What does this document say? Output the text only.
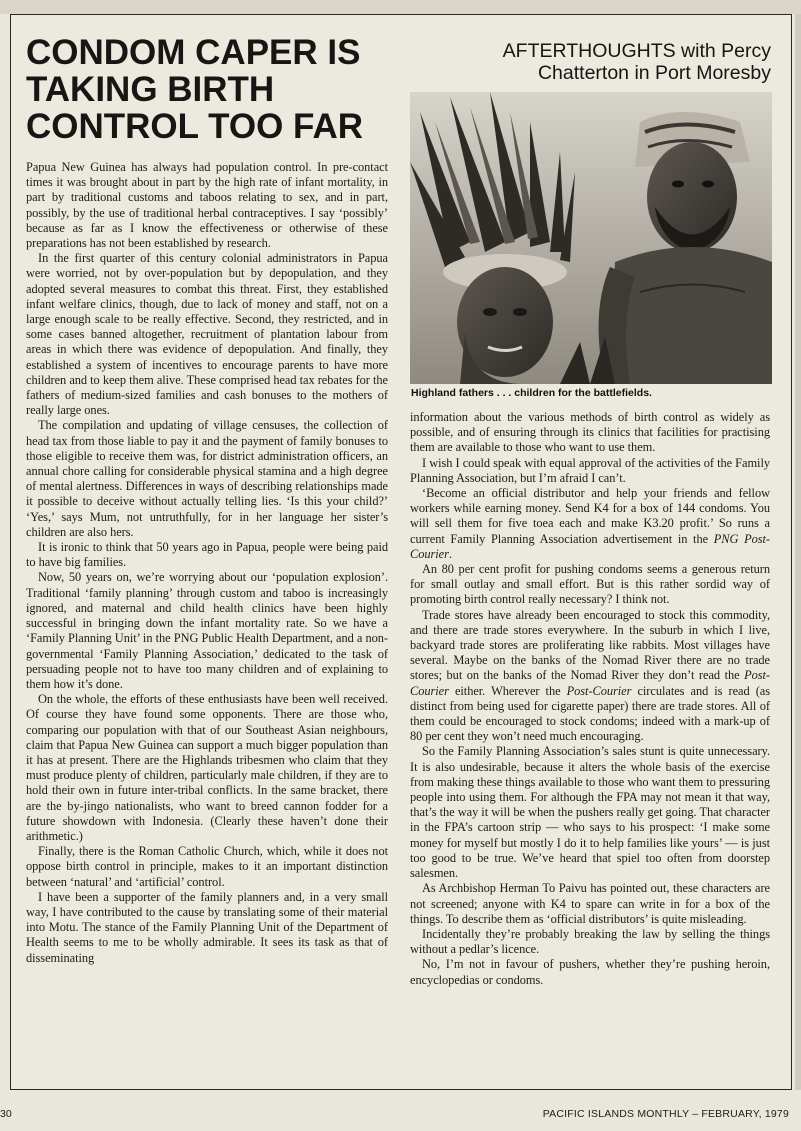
CONDOM CAPER IS TAKING BIRTH CONTROL TOO FAR
AFTERTHOUGHTS with Percy Chatterton in Port Moresby
Highland fathers . . . children for the battlefields.

Papua New Guinea has always had population control. In pre-contact times it was brought about in part by the high rate of infant mortality, in part by traditional customs and taboos relating to sex, and in part, possibly, by the use of traditional herbal contraceptives. I say ‘possibly’ because as far as I know the effectiveness or otherwise of these preparations has not been established by research.

In the first quarter of this century colonial administrators in Papua were worried, not by over-population but by depopulation, and they adopted several measures to combat this threat. First, they established infant welfare clinics, though, due to lack of money and staff, not on a large enough scale to be really effective. Second, they restricted, and in some cases banned altogether, recruitment of plantation labour from areas in which there was evidence of depopulation. And finally, they established a system of incentives to encourage parents to have more children and to keep them alive. These comprised head tax rebates for the fathers of medium-sized families and cash bonuses to the mothers of really large ones.

The compilation and updating of village censuses, the collection of head tax from those liable to pay it and the payment of family bonuses to those eligible to receive them was, for district administration officers, an annual chore calling for considerable physical stamina and a high degree of mental alertness. Differences in ways of describing relationships made it possible to deceive without actually telling lies. ‘Is this your child?’ ‘Yes,’ says Mum, not untruthfully, for in her language her sister’s children are also hers.

It is ironic to think that 50 years ago in Papua, people were being paid to have big families.

Now, 50 years on, we’re worrying about our ‘population explosion’. Traditional ‘family planning’ through custom and taboo is increasingly ignored, and maternal and child health clinics have been highly successful in bringing down the infant mortality rate. So we have a ‘Family Planning Unit’ in the PNG Public Health Department, and a non-governmental ‘Family Planning Association,’ dedicated to the task of persuading people not to have too many children and of explaining to them how it’s done.

On the whole, the efforts of these enthusiasts have been well received. Of course they have found some opponents. There are those who, comparing our population with that of our Southeast Asian neighbours, claim that Papua New Guinea can support a much bigger population than it has at present. There are the Highlands tribesmen who claim that they must produce plenty of children, particularly male children, if they are to hold their own in future inter-tribal conflicts. In the same bracket, there are the by-jingo nationalists, who want to breed cannon fodder for a future showdown with Indonesia. (Clearly these haven’t done their arithmetic.)

Finally, there is the Roman Catholic Church, which, while it does not oppose birth control in principle, makes to it an important distinction between ‘natural’ and ‘artificial’ control.

I have been a supporter of the family planners and, in a very small way, I have contributed to the cause by translating some of their material into Motu. The stance of the Family Planning Unit of the Department of Health seems to me to be wholly admirable. It sees its task as that of disseminating

information about the various methods of birth control as widely as possible, and of ensuring through its clinics that facilities for practising them are available to those who want to use them.

I wish I could speak with equal approval of the activities of the Family Planning Association, but I’m afraid I can’t.

‘Become an official distributor and help your friends and fellow workers while earning money. Send K4 for a box of 144 condoms. You will sell them for five toea each and make K3.20 profit.’ So runs a current Family Planning Association advertisement in the PNG Post-Courier.

An 80 per cent profit for pushing condoms seems a generous return for small outlay and small effort. But is this rather sordid way of promoting birth control really necessary? I think not.

Trade stores have already been encouraged to stock this commodity, and there are trade stores everywhere. In the suburb in which I live, backyard trade stores are proliferating like rabbits. Most villages have several. Maybe on the banks of the Nomad River there are no trade stores; but on the banks of the Nomad River they don’t read the Post-Courier either. Wherever the Post-Courier circulates and is read (as distinct from being used for cigarette paper) there are trade stores. All of them could be encouraged to stock condoms; indeed with a mark-up of 80 per cent they won’t need much encouraging.

So the Family Planning Association’s sales stunt is quite unnecessary. It is also undesirable, because it alters the whole basis of the exercise from making these things available to those who want them to pressuring people into using them. For although the FPA may not mean it that way, that’s the way it will be when the pushers really get going. That character in the FPA’s cartoon strip — who says to his prospect: ‘I make some money for myself but mostly I do it to help families like yours’ — is just too good to be true. We’ve heard that spiel too often from doorstep salesmen.

As Archbishop Herman To Paivu has pointed out, these characters are not screened; anyone with K4 to spare can write in for a box of the things. To describe them as ‘official distributors’ is quite misleading.

Incidentally they’re probably breaking the law by selling the things without a pedlar’s licence.

No, I’m not in favour of pushers, whether they’re pushing heroin, encyclopedias or condoms.

30	PACIFIC ISLANDS MONTHLY – FEBRUARY, 1979
